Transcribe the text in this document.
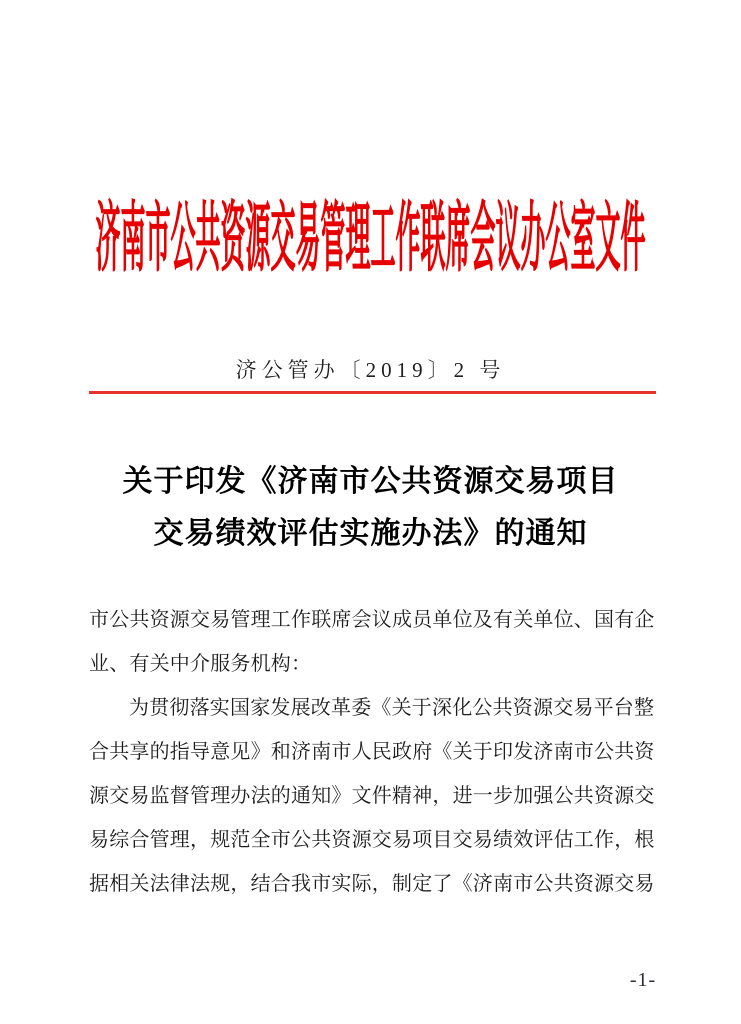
济南市公共资源交易管理工作联席会议办公室文件
济公管办〔2019〕2 号
关于印发《济南市公共资源交易项目
交易绩效评估实施办法》的通知
市公共资源交易管理工作联席会议成员单位及有关单位、国有企
业、有关中介服务机构：
为贯彻落实国家发展改革委《关于深化公共资源交易平台整
合共享的指导意见》和济南市人民政府《关于印发济南市公共资
源交易监督管理办法的通知》文件精神，进一步加强公共资源交
易综合管理，规范全市公共资源交易项目交易绩效评估工作，根
据相关法律法规，结合我市实际，制定了《济南市公共资源交易
-1-
